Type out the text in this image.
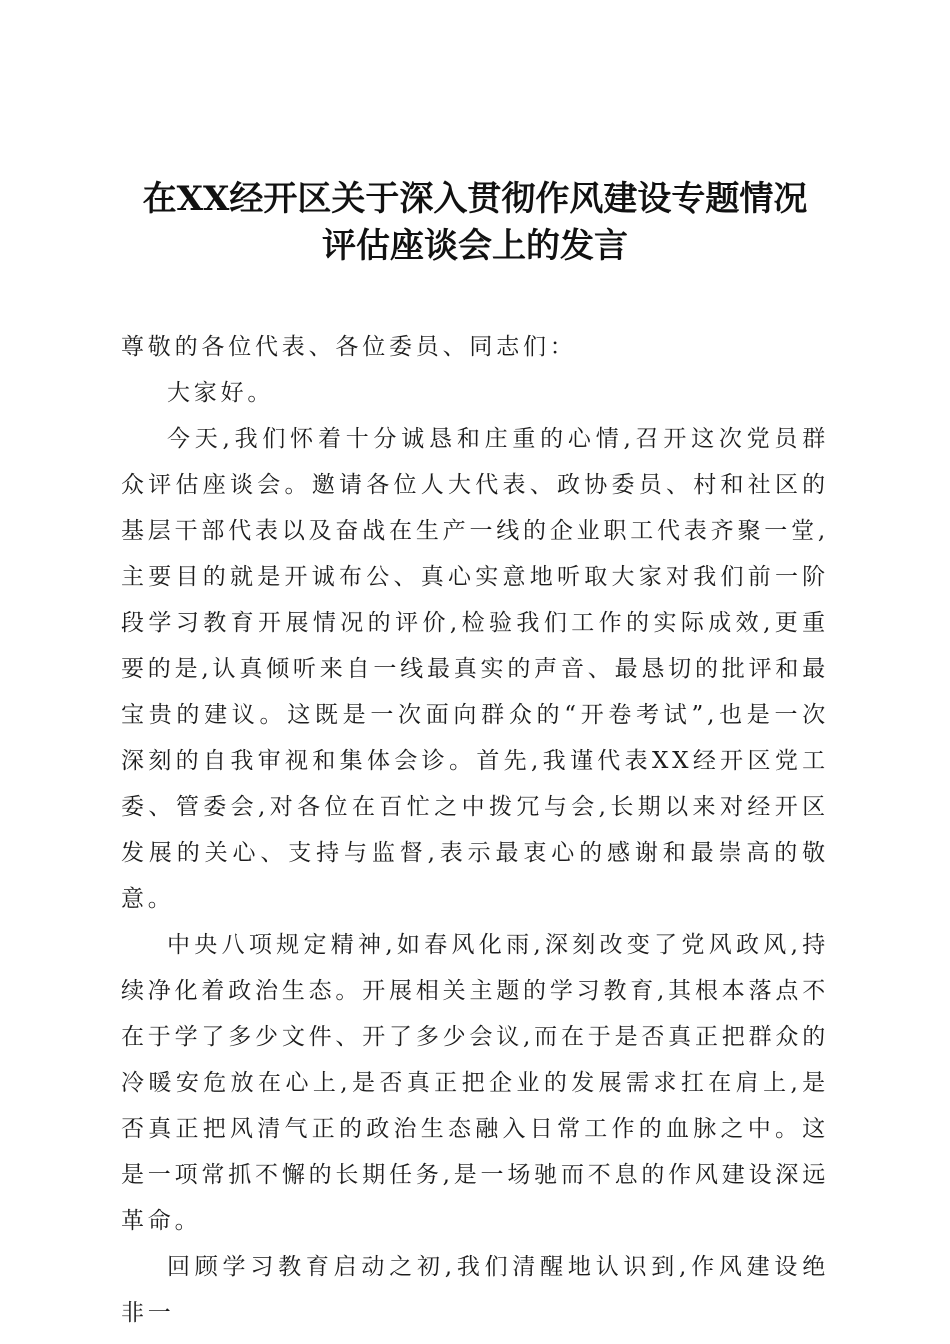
在XX经开区关于深入贯彻作风建设专题情况
评估座谈会上的发言

尊敬的各位代表、各位委员、同志们：

大家好。

今天,我们怀着十分诚恳和庄重的心情,召开这次党员群众评估座谈会。邀请各位人大代表、政协委员、村和社区的基层干部代表以及奋战在生产一线的企业职工代表齐聚一堂,主要目的就是开诚布公、真心实意地听取大家对我们前一阶段学习教育开展情况的评价,检验我们工作的实际成效,更重要的是,认真倾听来自一线最真实的声音、最恳切的批评和最宝贵的建议。这既是一次面向群众的“开卷考试”,也是一次深刻的自我审视和集体会诊。首先,我谨代表XX经开区党工委、管委会,对各位在百忙之中拨冗与会,长期以来对经开区发展的关心、支持与监督,表示最衷心的感谢和最崇高的敬意。

中央八项规定精神,如春风化雨,深刻改变了党风政风,持续净化着政治生态。开展相关主题的学习教育,其根本落点不在于学了多少文件、开了多少会议,而在于是否真正把群众的冷暖安危放在心上,是否真正把企业的发展需求扛在肩上,是否真正把风清气正的政治生态融入日常工作的血脉之中。这是一项常抓不懈的长期任务,是一场驰而不息的作风建设深远革命。

回顾学习教育启动之初,我们清醒地认识到,作风建设绝非一
